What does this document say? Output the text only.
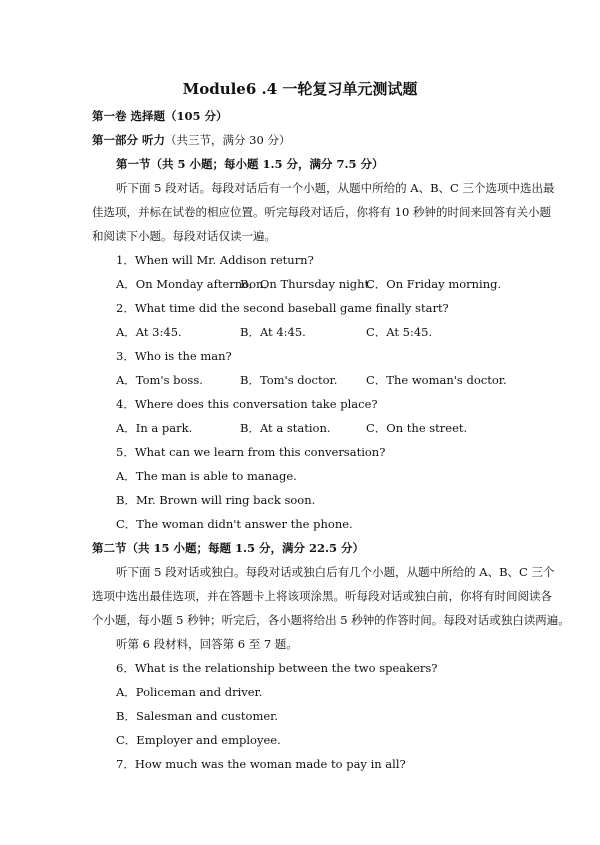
Module6 .4 一轮复习单元测试题
第一卷 选择题（105 分）
第一部分 听力（共三节，满分 30 分）
第一节（共 5 小题；每小题 1.5 分，满分 7.5 分）
听下面 5 段对话。每段对话后有一个小题，从题中所给的 A、B、C 三个选项中选出最
佳选项，并标在试卷的相应位置。听完每段对话后，你将有 10 秒钟的时间来回答有关小题
和阅读下小题。每段对话仅读一遍。
1．When will Mr. Addison return?
A．On Monday afternoon．
B．On Thursday night．
C．On Friday morning.
2．What time did the second baseball game finally start?
A．At 3:45.	B．At 4:45.	C．At 5:45.
3．Who is the man?
A．Tom's boss.	B．Tom's doctor. C．The woman's doctor.
4．Where does this conversation take place?
A．In a park.	B．At a station.	C．On the street.
5．What can we learn from this conversation?
A．The man is able to manage.
B．Mr. Brown will ring back soon.
C．The woman didn't answer the phone.
第二节（共 15 小题；每题 1.5 分，满分 22.5 分）
听下面 5 段对话或独白。每段对话或独白后有几个小题，从题中所给的 A、B、C 三个
选项中选出最佳选项，并在答题卡上将该项涂黑。听每段对话或独白前，你将有时间阅读各
个小题，每小题 5 秒钟；听完后，各小题将给出 5 秒钟的作答时间。每段对话或独白读两遍。
听第 6 段材料，回答第 6 至 7 题。
6．What is the relationship between the two speakers?
A．Policeman and driver.
B．Salesman and customer.
C．Employer and employee.
7．How much was the woman made to pay in all?
